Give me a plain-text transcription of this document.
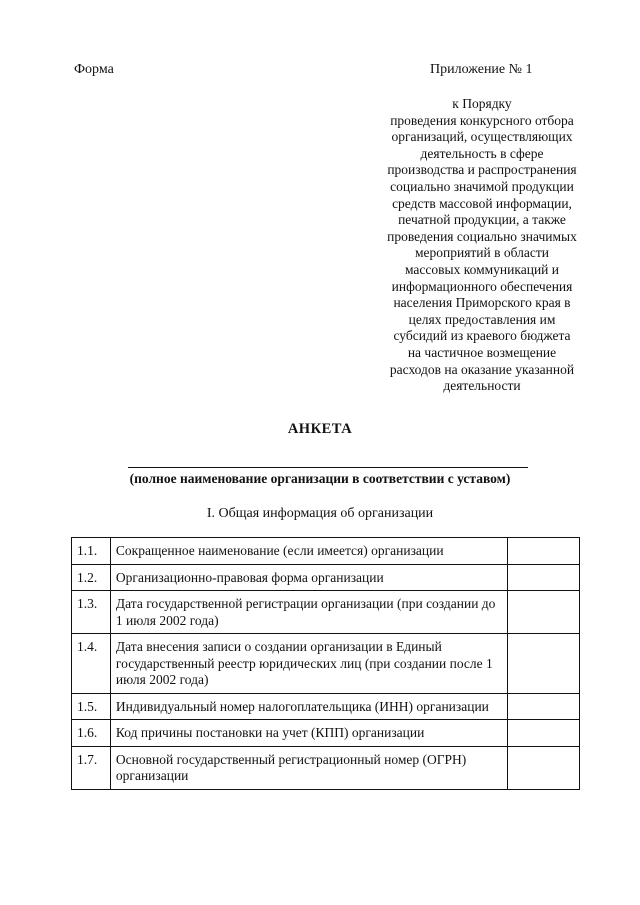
Форма	Приложение № 1
к Порядку
проведения конкурсного отбора
организаций, осуществляющих
деятельность в сфере
производства и распространения
социально значимой продукции
средств массовой информации,
печатной продукции, а также
проведения социально значимых
мероприятий в области
массовых коммуникаций и
информационного обеспечения
населения Приморского края в
целях предоставления им
субсидий из краевого бюджета
на частичное возмещение
расходов на оказание указанной
деятельности
АНКЕТА
(полное наименование организации в соответствии с уставом)
I. Общая информация об организации
1.1.	Сокращенное наименование (если имеется) организации	
1.2.	Организационно-правовая форма организации	
1.3.	Дата государственной регистрации организации (при создании до 1 июля 2002 года)	
1.4.	Дата внесения записи о создании организации в Единый государственный реестр юридических лиц (при создании после 1 июля 2002 года)	
1.5.	Индивидуальный номер налогоплательщика (ИНН) организации	
1.6.	Код причины постановки на учет (КПП) организации	
1.7.	Основной государственный регистрационный номер (ОГРН) организации	
